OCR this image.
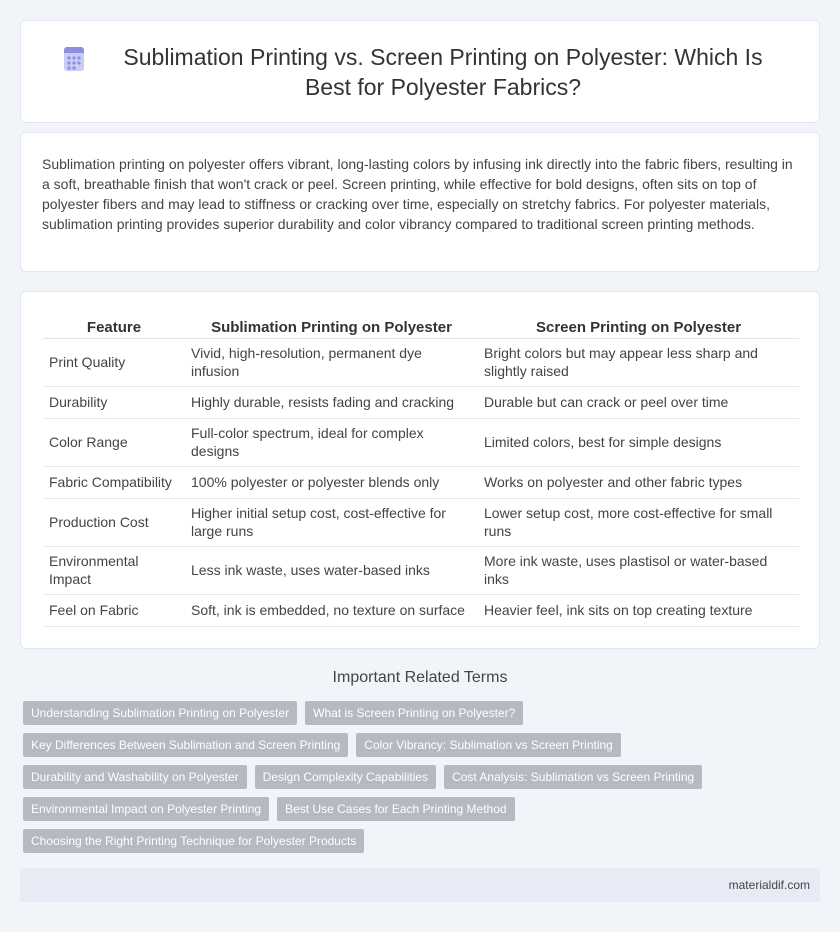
Sublimation Printing vs. Screen Printing on Polyester: Which Is Best for Polyester Fabrics?

Sublimation printing on polyester offers vibrant, long-lasting colors by infusing ink directly into the fabric fibers, resulting in a soft, breathable finish that won't crack or peel. Screen printing, while effective for bold designs, often sits on top of polyester fibers and may lead to stiffness or cracking over time, especially on stretchy fabrics. For polyester materials, sublimation printing provides superior durability and color vibrancy compared to traditional screen printing methods.

Feature	Sublimation Printing on Polyester	Screen Printing on Polyester
Print Quality	Vivid, high-resolution, permanent dye infusion	Bright colors but may appear less sharp and slightly raised
Durability	Highly durable, resists fading and cracking	Durable but can crack or peel over time
Color Range	Full-color spectrum, ideal for complex designs	Limited colors, best for simple designs
Fabric Compatibility	100% polyester or polyester blends only	Works on polyester and other fabric types
Production Cost	Higher initial setup cost, cost-effective for large runs	Lower setup cost, more cost-effective for small runs
Environmental Impact	Less ink waste, uses water-based inks	More ink waste, uses plastisol or water-based inks
Feel on Fabric	Soft, ink is embedded, no texture on surface	Heavier feel, ink sits on top creating texture
Important Related Terms
Understanding Sublimation Printing on Polyester	What is Screen Printing on Polyester?
Key Differences Between Sublimation and Screen Printing	Color Vibrancy: Sublimation vs Screen Printing
Durability and Washability on Polyester	Design Complexity Capabilities	Cost Analysis: Sublimation vs Screen Printing
Environmental Impact on Polyester Printing	Best Use Cases for Each Printing Method
Choosing the Right Printing Technique for Polyester Products
materialdif.com
